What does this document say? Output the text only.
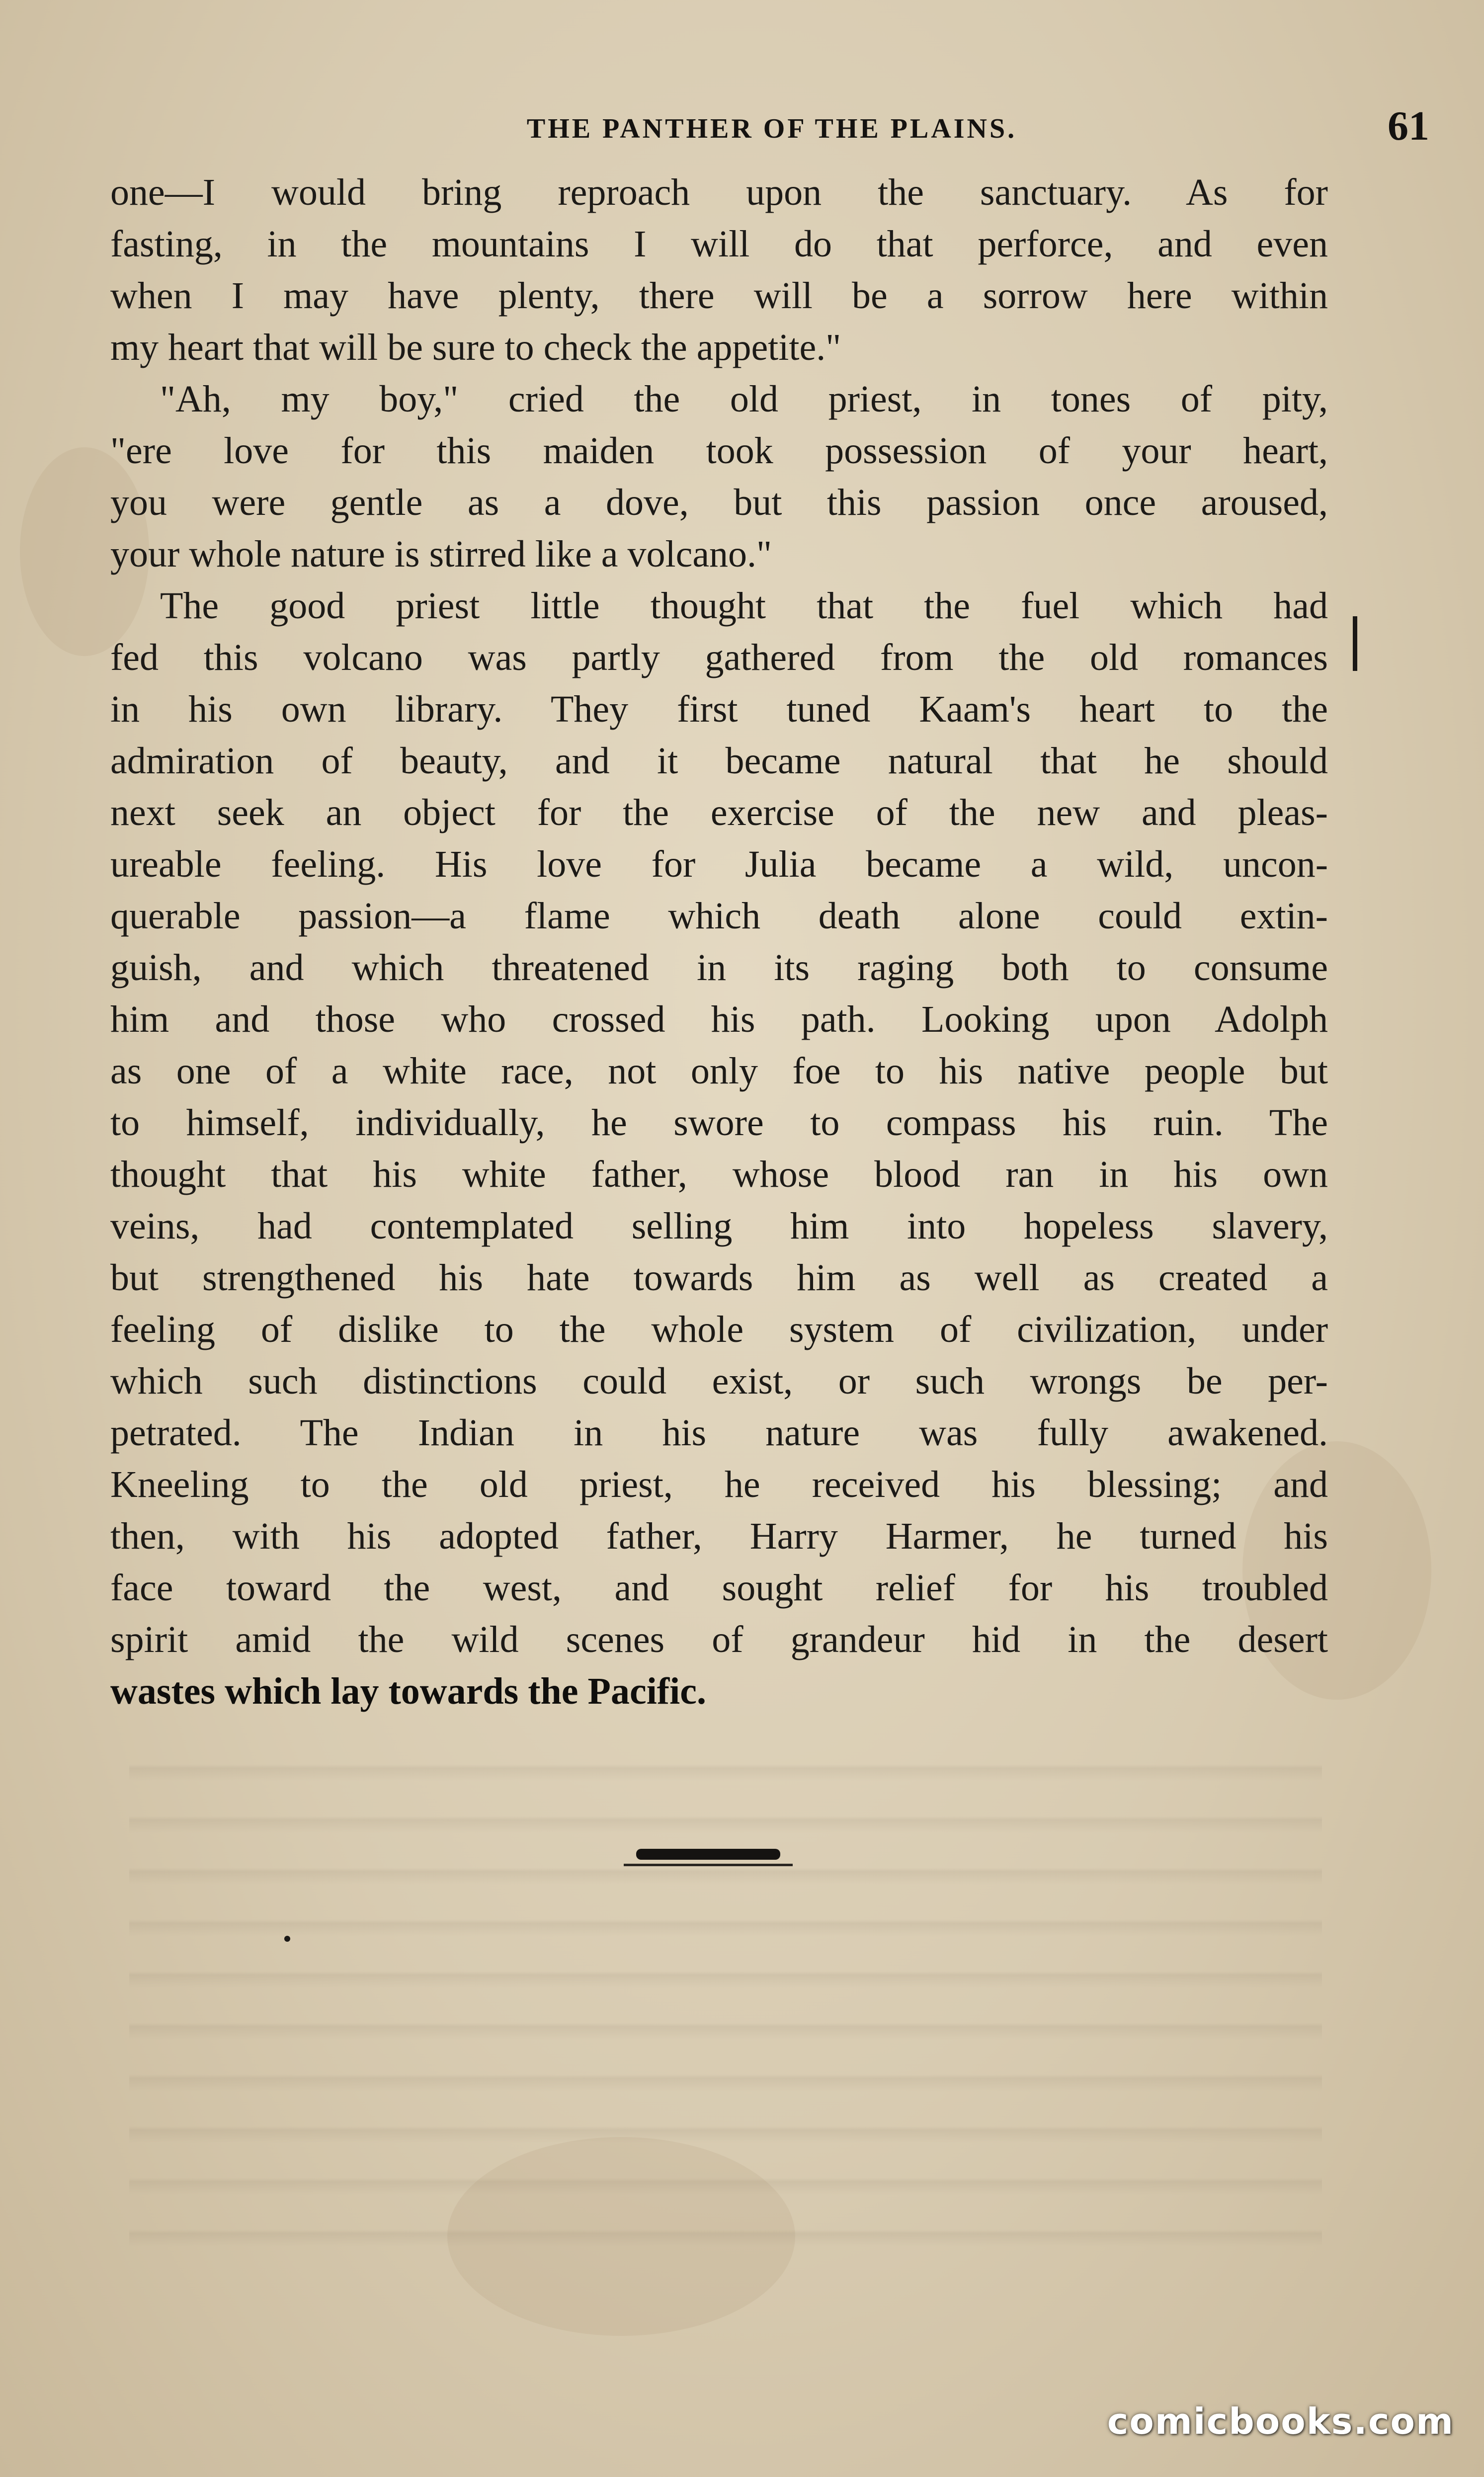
THE PANTHER OF THE PLAINS.	61
one—I would bring reproach upon the sanctuary. As for
fasting, in the mountains I will do that perforce, and even
when I may have plenty, there will be a sorrow here within
my heart that will be sure to check the appetite."
"Ah, my boy," cried the old priest, in tones of pity,
"ere love for this maiden took possession of your heart,
you were gentle as a dove, but this passion once aroused,
your whole nature is stirred like a volcano."
The good priest little thought that the fuel which had
fed this volcano was partly gathered from the old romances
in his own library. They first tuned Kaam's heart to the
admiration of beauty, and it became natural that he should
next seek an object for the exercise of the new and pleas-
ureable feeling. His love for Julia became a wild, uncon-
querable passion—a flame which death alone could extin-
guish, and which threatened in its raging both to consume
him and those who crossed his path. Looking upon Adolph
as one of a white race, not only foe to his native people but
to himself, individually, he swore to compass his ruin. The
thought that his white father, whose blood ran in his own
veins, had contemplated selling him into hopeless slavery,
but strengthened his hate towards him as well as created a
feeling of dislike to the whole system of civilization, under
which such distinctions could exist, or such wrongs be per-
petrated. The Indian in his nature was fully awakened.
Kneeling to the old priest, he received his blessing; and
then, with his adopted father, Harry Harmer, he turned his
face toward the west, and sought relief for his troubled
spirit amid the wild scenes of grandeur hid in the desert
wastes which lay towards the Pacific.
comicbooks.com
